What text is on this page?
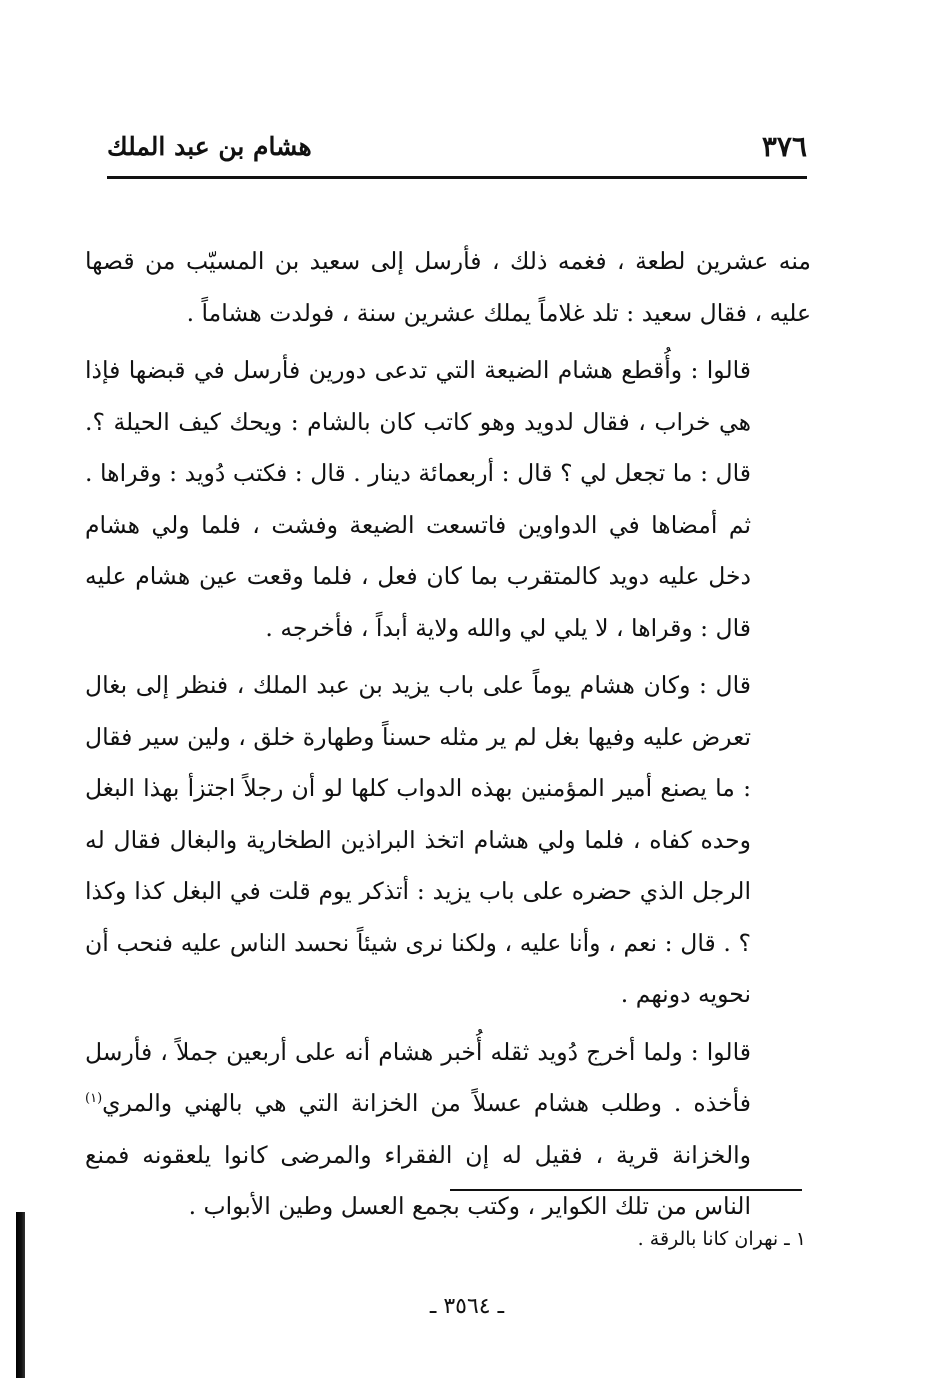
٣٧٦
هشام بن عبد الملك

منه عشرين لطعة ، فغمه ذلك ، فأرسل إلى سعيد بن المسيّب من قصها عليه ، فقال سعيد : تلد غلاماً يملك عشرين سنة ، فولدت هشاماً .

قالوا : وأُقطع هشام الضيعة التي تدعى دورين فأرسل في قبضها فإذا هي خراب ، فقال لدويد وهو كاتب كان بالشام : ويحك كيف الحيلة ؟. قال : ما تجعل لي ؟ قال : أربعمائة دينار . قال : فكتب دُويد : وقراها . ثم أمضاها في الدواوين فاتسعت الضيعة وفشت ، فلما ولي هشام دخل عليه دويد كالمتقرب بما كان فعل ، فلما وقعت عين هشام عليه قال : وقراها ، لا يلي لي والله ولاية أبداً ، فأخرجه .

قال : وكان هشام يوماً على باب يزيد بن عبد الملك ، فنظر إلى بغال تعرض عليه وفيها بغل لم ير مثله حسناً وطهارة خلق ، ولين سير فقال : ما يصنع أمير المؤمنين بهذه الدواب كلها لو أن رجلاً اجتزأ بهذا البغل وحده كفاه ، فلما ولي هشام اتخذ البراذين الطخارية والبغال فقال له الرجل الذي حضره على باب يزيد : أتذكر يوم قلت في البغل كذا وكذا ؟ . قال : نعم ، وأنا عليه ، ولكنا نرى شيئاً نحسد الناس عليه فنحب أن نحويه دونهم .

قالوا : ولما أخرج دُويد ثقله أُخبر هشام أنه على أربعين جملاً ، فأرسل فأخذه . وطلب هشام عسلاً من الخزانة التي هي بالهني والمري$^{(١)}$ والخزانة قرية ، فقيل له إن الفقراء والمرضى كانوا يلعقونه فمنع الناس من تلك الكواير ، وكتب بجمع العسل وطين الأبواب .

١ ـ نهران كانا بالرقة .
ـ ٣٥٦٤ ـ
